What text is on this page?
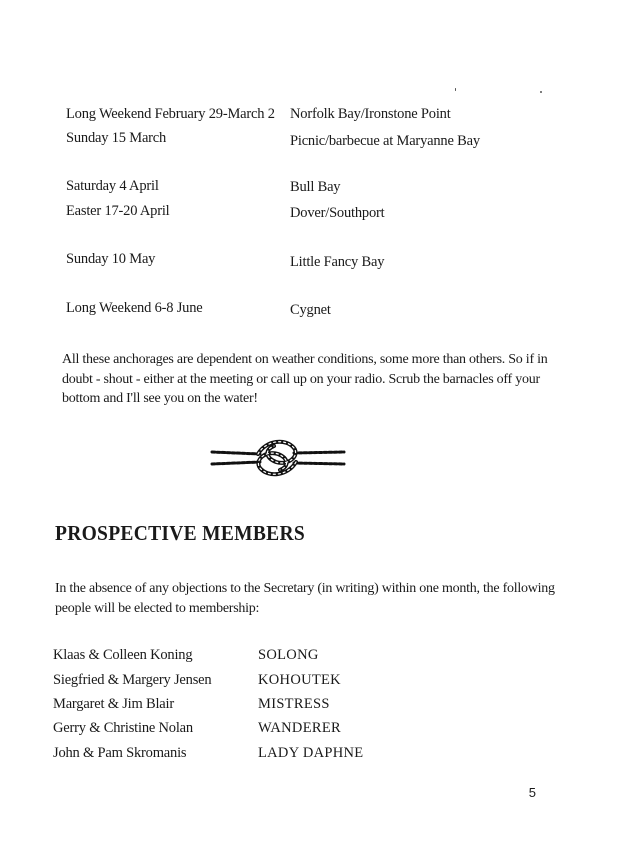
Long Weekend February 29-March 2 Norfolk Bay/Ironstone Point
Sunday 15 March	Picnic/barbecue at Maryanne Bay
Saturday 4 April	Bull Bay
Easter 17-20 April	Dover/Southport
Sunday 10 May	Little Fancy Bay
Long Weekend 6-8 June	Cygnet
All these anchorages are dependent on weather conditions, some more than others. So if in doubt - shout - either at the meeting or call up on your radio. Scrub the barnacles off your bottom and I'll see you on the water!
PROSPECTIVE MEMBERS
In the absence of any objections to the Secretary (in writing) within one month, the following people will be elected to membership:
Klaas & Colleen Koning	SOLONG
Siegfried & Margery Jensen	KOHOUTEK
Margaret & Jim Blair	MISTRESS
Gerry & Christine Nolan	WANDERER
John & Pam Skromanis	LADY DAPHNE
5
